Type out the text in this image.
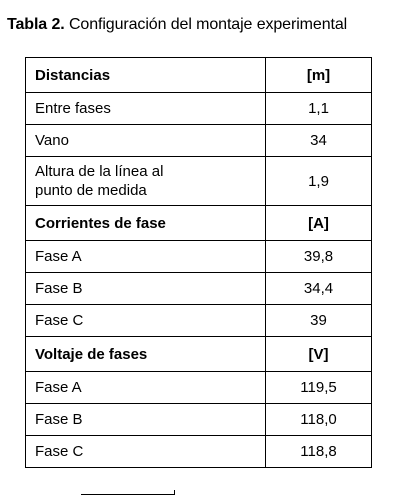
Tabla 2. Configuración del montaje experimental
Distancias	[m]
Entre fases	1,1
Vano	34
Altura de la línea al punto de medida	1,9
Corrientes de fase	[A]
Fase A	39,8
Fase B	34,4
Fase C	39
Voltaje de fases	[V]
Fase A	119,5
Fase B	118,0
Fase C	118,8
